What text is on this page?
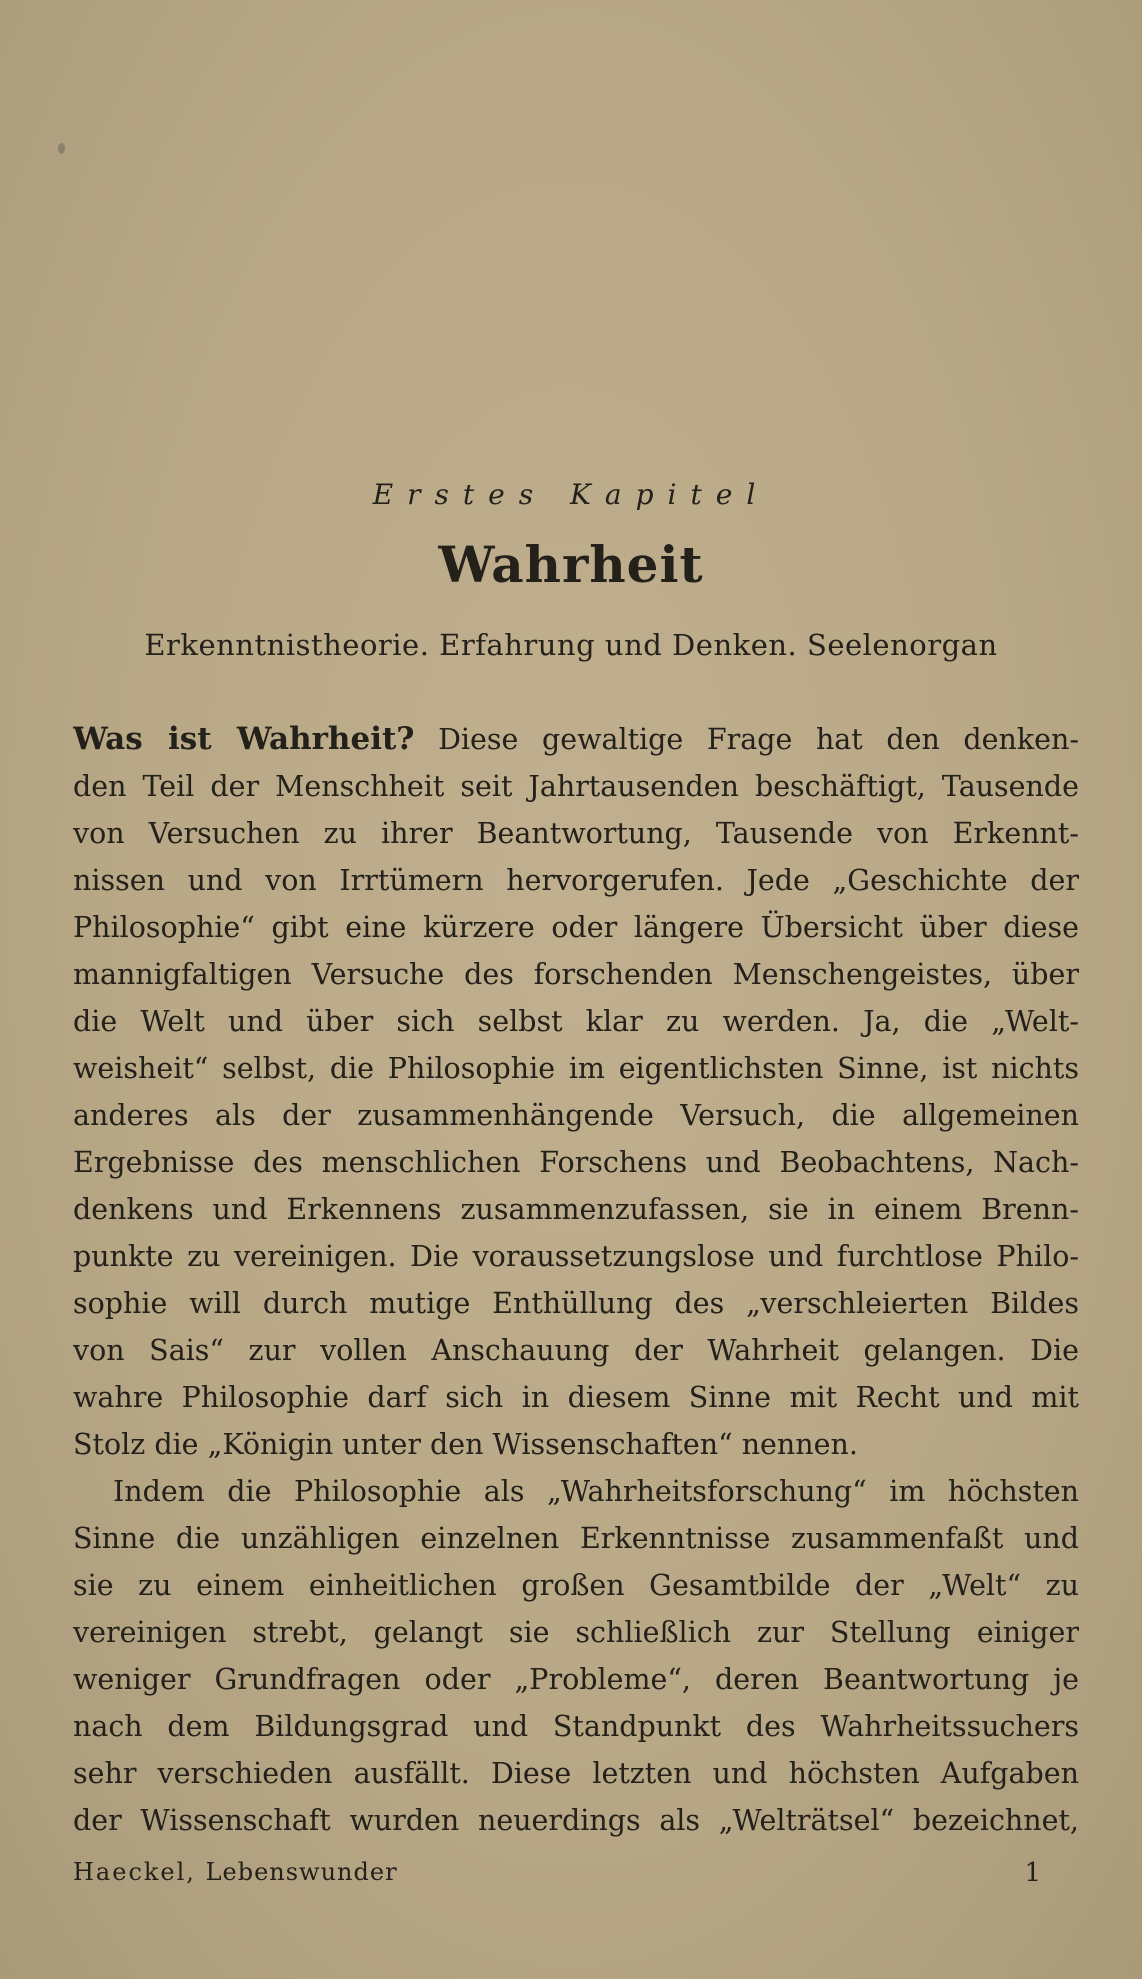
Erstes Kapitel
Wahrheit
Erkenntnistheorie. Erfahrung und Denken. Seelenorgan
Was ist Wahrheit? Diese gewaltige Frage hat den denken-
den Teil der Menschheit seit Jahrtausenden beschäftigt, Tausende
von Versuchen zu ihrer Beantwortung, Tausende von Erkennt-
nissen und von Irrtümern hervorgerufen. Jede „Geschichte der
Philosophie“ gibt eine kürzere oder längere Übersicht über diese
mannigfaltigen Versuche des forschenden Menschengeistes, über
die Welt und über sich selbst klar zu werden. Ja, die „Welt-
weisheit“ selbst, die Philosophie im eigentlichsten Sinne, ist nichts
anderes als der zusammenhängende Versuch, die allgemeinen
Ergebnisse des menschlichen Forschens und Beobachtens, Nach-
denkens und Erkennens zusammenzufassen, sie in einem Brenn-
punkte zu vereinigen. Die voraussetzungslose und furchtlose Philo-
sophie will durch mutige Enthüllung des „verschleierten Bildes
von Sais“ zur vollen Anschauung der Wahrheit gelangen. Die
wahre Philosophie darf sich in diesem Sinne mit Recht und mit
Stolz die „Königin unter den Wissenschaften“ nennen.
Indem die Philosophie als „Wahrheitsforschung“ im höchsten
Sinne die unzähligen einzelnen Erkenntnisse zusammenfaßt und
sie zu einem einheitlichen großen Gesamtbilde der „Welt“ zu
vereinigen strebt, gelangt sie schließlich zur Stellung einiger
weniger Grundfragen oder „Probleme“, deren Beantwortung je
nach dem Bildungsgrad und Standpunkt des Wahrheitssuchers
sehr verschieden ausfällt. Diese letzten und höchsten Aufgaben
der Wissenschaft wurden neuerdings als „Welträtsel“ bezeichnet,
Haeckel, Lebenswunder	1
